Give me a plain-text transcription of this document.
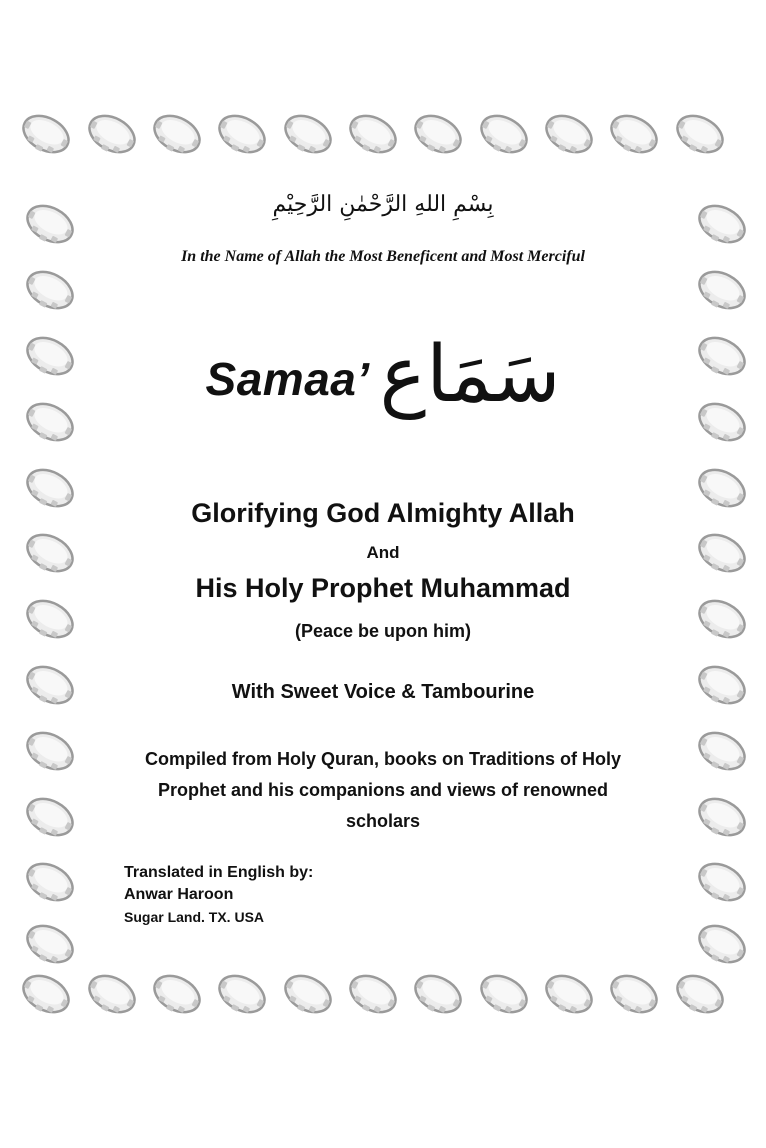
بِسْمِ اللهِ الرَّحْمٰنِ الرَّحِيْمِ
In the Name of Allah the Most Beneficent and Most Merciful
Samaa’ سَمَاع
Glorifying God Almighty Allah
And
His Holy Prophet Muhammad
(Peace be upon him)
With Sweet Voice & Tambourine
Compiled from Holy Quran, books on Traditions of Holy Prophet and his companions and views of renowned scholars
Translated in English by:
Anwar Haroon
Sugar Land. TX. USA
